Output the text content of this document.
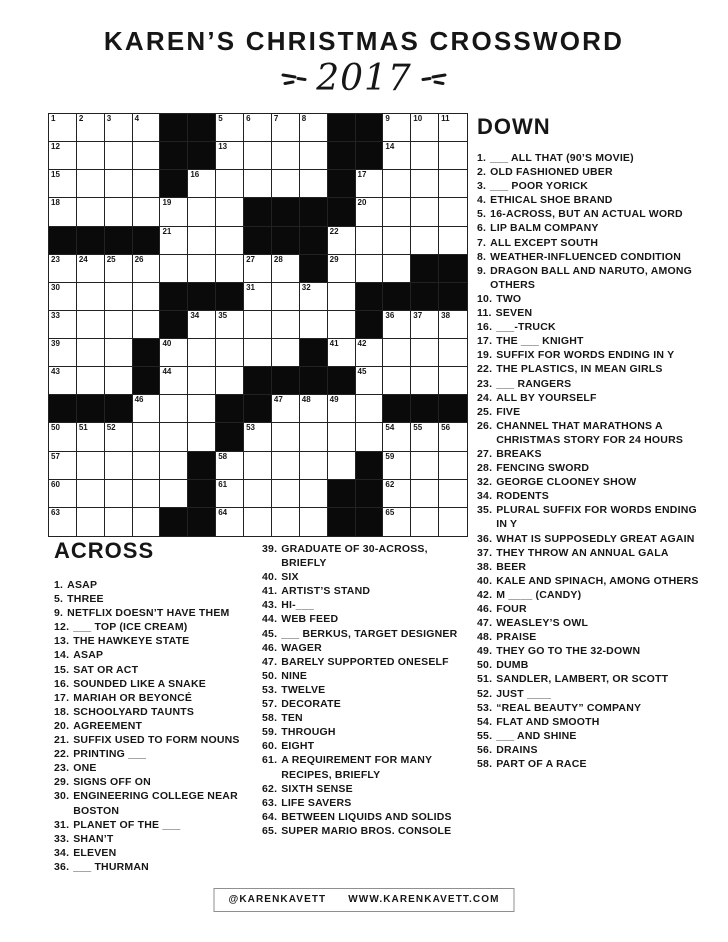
KAREN’S CHRISTMAS CROSSWORD
2017
1	2	3	4	5	6	7	8	9	10 11
12	13	14
15	16	17
18	19	20
21	22
23 24 25 26	27 28	29
30	31	32
33	34 35	36 37 38
39	40	41 42
43	44	45
46	47 48 49
50 51 52	53	54 55 56
57	58	59
60	61	62
63	64	65
DOWN
1. ___ ALL THAT (90’S MOVIE)
2. OLD FASHIONED UBER
3. ___ POOR YORICK
4. ETHICAL SHOE BRAND
5. 16-ACROSS, BUT AN ACTUAL WORD
6. LIP BALM COMPANY
7. ALL EXCEPT SOUTH
8. WEATHER-INFLUENCED CONDITION
9. DRAGON BALL AND NARUTO, AMONG OTHERS
10. TWO
11. SEVEN
16. ___-TRUCK
17. THE ___ KNIGHT
19. SUFFIX FOR WORDS ENDING IN Y
22. THE PLASTICS, IN MEAN GIRLS
23. ___ RANGERS
24. ALL BY YOURSELF
25. FIVE
26. CHANNEL THAT MARATHONS A CHRISTMAS STORY FOR 24 HOURS
27. BREAKS
28. FENCING SWORD
32. GEORGE CLOONEY SHOW
34. RODENTS
35. PLURAL SUFFIX FOR WORDS ENDING IN Y
36. WHAT IS SUPPOSEDLY GREAT AGAIN
37. THEY THROW AN ANNUAL GALA
38. BEER
40. KALE AND SPINACH, AMONG OTHERS
42. M ____ (CANDY)
46. FOUR
47. WEASLEY’S OWL
48. PRAISE
49. THEY GO TO THE 32-DOWN
50. DUMB
51. SANDLER, LAMBERT, OR SCOTT
52. JUST ____
53. “REAL BEAUTY” COMPANY
54. FLAT AND SMOOTH
55. ___ AND SHINE
56. DRAINS
58. PART OF A RACE
ACROSS
1. ASAP
5. THREE
9. NETFLIX DOESN’T HAVE THEM
12. ___ TOP (ICE CREAM)
13. THE HAWKEYE STATE
14. ASAP
15. SAT OR ACT
16. SOUNDED LIKE A SNAKE
17. MARIAH OR BEYONCÉ
18. SCHOOLYARD TAUNTS
20. AGREEMENT
21. SUFFIX USED TO FORM NOUNS
22. PRINTING ___
23. ONE
29. SIGNS OFF ON
30. ENGINEERING COLLEGE NEAR BOSTON
31. PLANET OF THE ___
33. SHAN’T
34. ELEVEN
36. ___ THURMAN
39. GRADUATE OF 30-ACROSS, BRIEFLY
40. SIX
41. ARTIST’S STAND
43. HI-___
44. WEB FEED
45. ___ BERKUS, TARGET DESIGNER
46. WAGER
47. BARELY SUPPORTED ONESELF
50. NINE
53. TWELVE
57. DECORATE
58. TEN
59. THROUGH
60. EIGHT
61. A REQUIREMENT FOR MANY RECIPES, BRIEFLY
62. SIXTH SENSE
63. LIFE SAVERS
64. BETWEEN LIQUIDS AND SOLIDS
65. SUPER MARIO BROS. CONSOLE
@KARENKAVETT WWW.KARENKAVETT.COM
